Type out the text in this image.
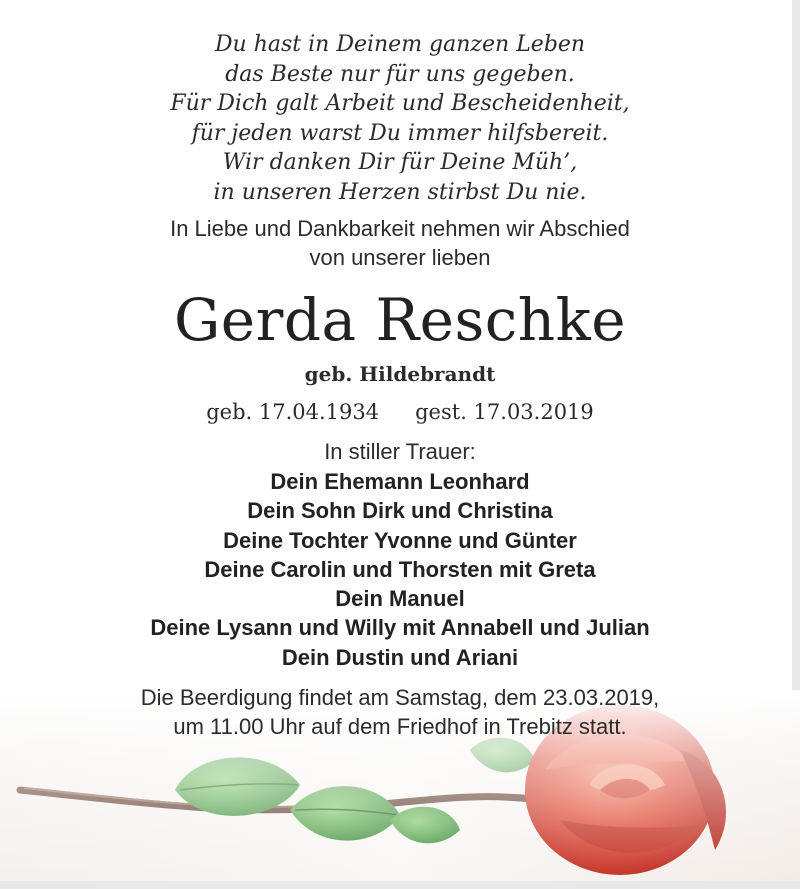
Du hast in Deinem ganzen Leben
das Beste nur für uns gegeben.
Für Dich galt Arbeit und Bescheidenheit,
für jeden warst Du immer hilfsbereit.
Wir danken Dir für Deine Müh’,
in unseren Herzen stirbst Du nie.
In Liebe und Dankbarkeit nehmen wir Abschied
von unserer lieben
Gerda Reschke
geb. Hildebrandt
geb. 17.04.1934 gest. 17.03.2019
In stiller Trauer:
Dein Ehemann Leonhard
Dein Sohn Dirk und Christina
Deine Tochter Yvonne und Günter
Deine Carolin und Thorsten mit Greta
Dein Manuel
Deine Lysann und Willy mit Annabell und Julian
Dein Dustin und Ariani
Die Beerdigung findet am Samstag, dem 23.03.2019,
um 11.00 Uhr auf dem Friedhof in Trebitz statt.
